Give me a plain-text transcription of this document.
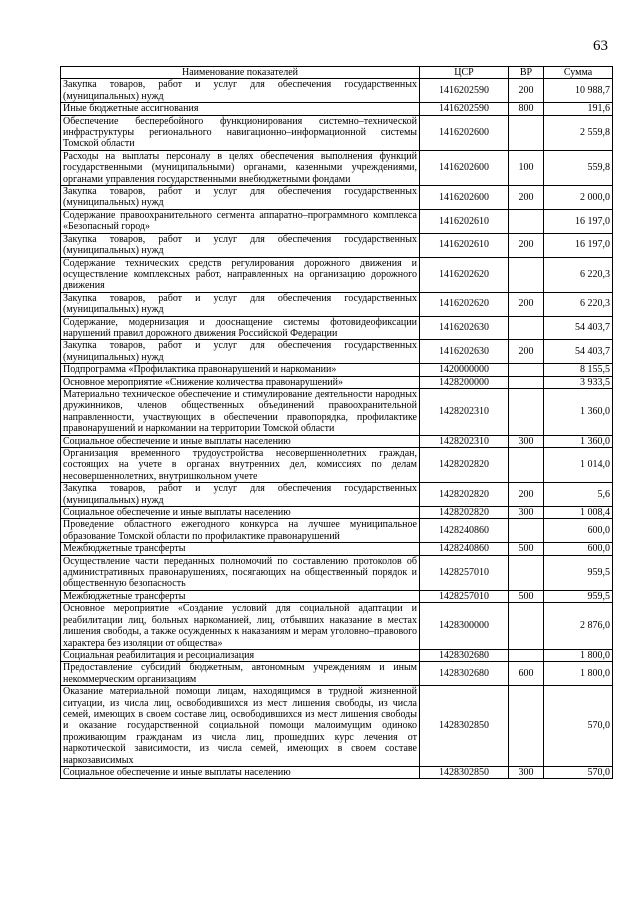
63
Наименование показателей	ЦСР	ВР	Сумма
Закупка товаров, работ и услуг для обеспечения государственных (муниципальных) нужд	1416202590	200	10 988,7
Иные бюджетные ассигнования	1416202590	800	191,6
Обеспечение бесперебойного функционирования системно–технической инфраструктуры регионального навигационно–информационной системы Томской области	1416202600		2 559,8
Расходы на выплаты персоналу в целях обеспечения выполнения функций государственными (муниципальными) органами, казенными учреждениями, органами управления государственными внебюджетными фондами	1416202600	100	559,8
Закупка товаров, работ и услуг для обеспечения государственных (муниципальных) нужд	1416202600	200	2 000,0
Содержание правоохранительного сегмента аппаратно–программного комплекса «Безопасный город»	1416202610		16 197,0
Закупка товаров, работ и услуг для обеспечения государственных (муниципальных) нужд	1416202610	200	16 197,0
Содержание технических средств регулирования дорожного движения и осуществление комплексных работ, направленных на организацию дорожного движения	1416202620		6 220,3
Закупка товаров, работ и услуг для обеспечения государственных (муниципальных) нужд	1416202620	200	6 220,3
Содержание, модернизация и дооснащение системы фотовидеофиксации нарушений правил дорожного движения Российской Федерации	1416202630		54 403,7
Закупка товаров, работ и услуг для обеспечения государственных (муниципальных) нужд	1416202630	200	54 403,7
Подпрограмма «Профилактика правонарушений и наркомании»	1420000000		8 155,5
Основное мероприятие «Снижение количества правонарушений»	1428200000		3 933,5
Материально техническое обеспечение и стимулирование деятельности народных дружинников, членов общественных объединений правоохранительной направленности, участвующих в обеспечении правопорядка, профилактике правонарушений и наркомании на территории Томской области	1428202310		1 360,0
Социальное обеспечение и иные выплаты населению	1428202310	300	1 360,0
Организация временного трудоустройства несовершеннолетних граждан, состоящих на учете в органах внутренних дел, комиссиях по делам несовершеннолетних, внутришкольном учете	1428202820		1 014,0
Закупка товаров, работ и услуг для обеспечения государственных (муниципальных) нужд	1428202820	200	5,6
Социальное обеспечение и иные выплаты населению	1428202820	300	1 008,4
Проведение областного ежегодного конкурса на лучшее муниципальное образование Томской области по профилактике правонарушений	1428240860		600,0
Межбюджетные трансферты	1428240860	500	600,0
Осуществление части переданных полномочий по составлению протоколов об административных правонарушениях, посягающих на общественный порядок и общественную безопасность	1428257010		959,5
Межбюджетные трансферты	1428257010	500	959,5
Основное мероприятие «Создание условий для социальной адаптации и реабилитации лиц, больных наркоманией, лиц, отбывших наказание в местах лишения свободы, а также осужденных к наказаниям и мерам уголовно–правового характера без изоляции от общества»	1428300000		2 876,0
Социальная реабилитация и ресоциализация	1428302680		1 800,0
Предоставление субсидий бюджетным, автономным учреждениям и иным некоммерческим организациям	1428302680	600	1 800,0
Оказание материальной помощи лицам, находящимся в трудной жизненной ситуации, из числа лиц, освободившихся из мест лишения свободы, из числа семей, имеющих в своем составе лиц, освободившихся из мест лишения свободы и оказание государственной социальной помощи малоимущим одиноко проживающим гражданам из числа лиц, прошедших курс лечения от наркотической зависимости, из числа семей, имеющих в своем составе наркозависимых	1428302850		570,0
Социальное обеспечение и иные выплаты населению	1428302850	300	570,0
